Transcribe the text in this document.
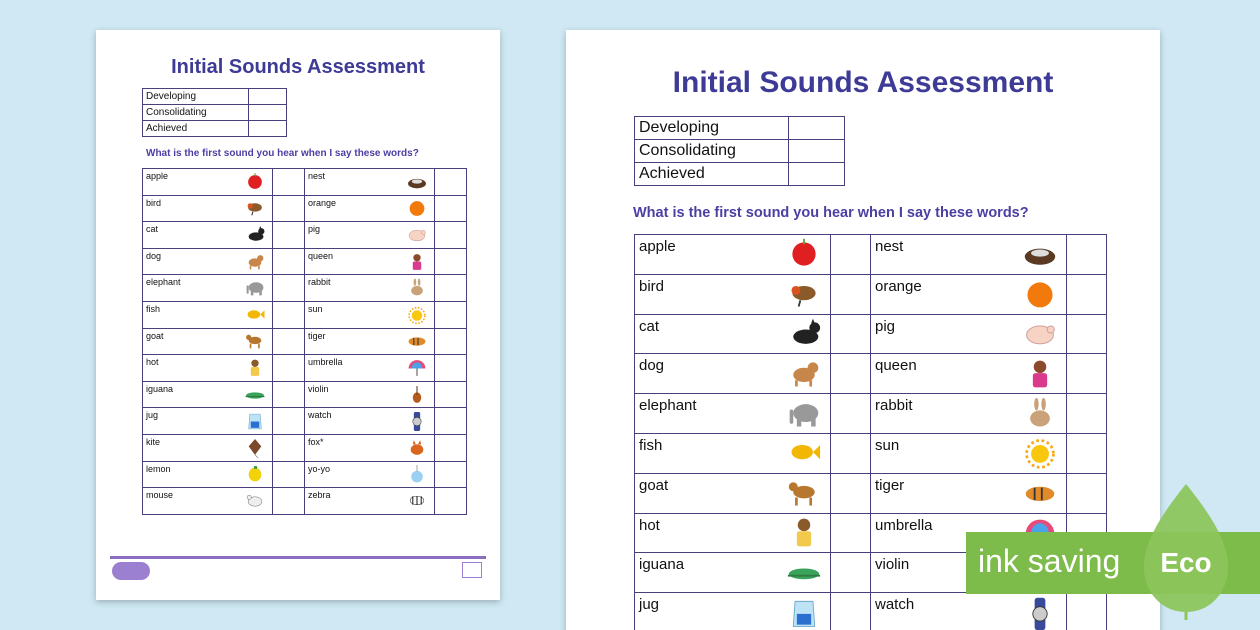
Initial Sounds Assessment
Developing	
Consolidating	
Achieved	
What is the first sound you hear when I say these words?
apple		nest

bird		orange

cat		pig

dog		queen

elephant		rabbit

fish		sun

goat		tiger

hot		umbrella

iguana		violin

jug		watch

kite		fox*

lemon		yo-yo

mouse		zebra

Initial Sounds Assessment
Developing	
Consolidating	
Achieved	
What is the first sound you hear when I say these words?
apple		nest

bird		orange

cat		pig

dog		queen

elephant		rabbit

fish		sun

goat		tiger

hot		umbrella

iguana		violin

jug		watch

ink saving Eco
